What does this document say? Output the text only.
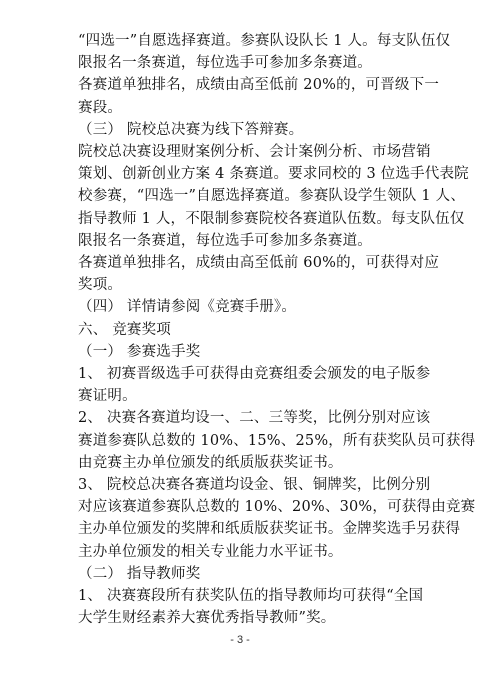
“四选一”自愿选择赛道。参赛队设队长 1 人。每支队伍仅
限报名一条赛道，每位选手可参加多条赛道。
各赛道单独排名，成绩由高至低前 20%的，可晋级下一
赛段。
（三） 院校总决赛为线下答辩赛。
院校总决赛设理财案例分析、会计案例分析、市场营销
策划、创新创业方案 4 条赛道。要求同校的 3 位选手代表院
校参赛，“四选一”自愿选择赛道。参赛队设学生领队 1 人、
指导教师 1 人，不限制参赛院校各赛道队伍数。每支队伍仅
限报名一条赛道，每位选手可参加多条赛道。
各赛道单独排名，成绩由高至低前 60%的，可获得对应
奖项。
（四） 详情请参阅《竞赛手册》。
六、 竞赛奖项
（一） 参赛选手奖
1、 初赛晋级选手可获得由竞赛组委会颁发的电子版参
赛证明。
2、 决赛各赛道均设一、二、三等奖，比例分别对应该
赛道参赛队总数的 10%、15%、25%，所有获奖队员可获得
由竞赛主办单位颁发的纸质版获奖证书。
3、 院校总决赛各赛道均设金、银、铜牌奖，比例分别
对应该赛道参赛队总数的 10%、20%、30%，可获得由竞赛
主办单位颁发的奖牌和纸质版获奖证书。金牌奖选手另获得
主办单位颁发的相关专业能力水平证书。
（二） 指导教师奖
1、 决赛赛段所有获奖队伍的指导教师均可获得“全国
大学生财经素养大赛优秀指导教师”奖。
- 3 -
